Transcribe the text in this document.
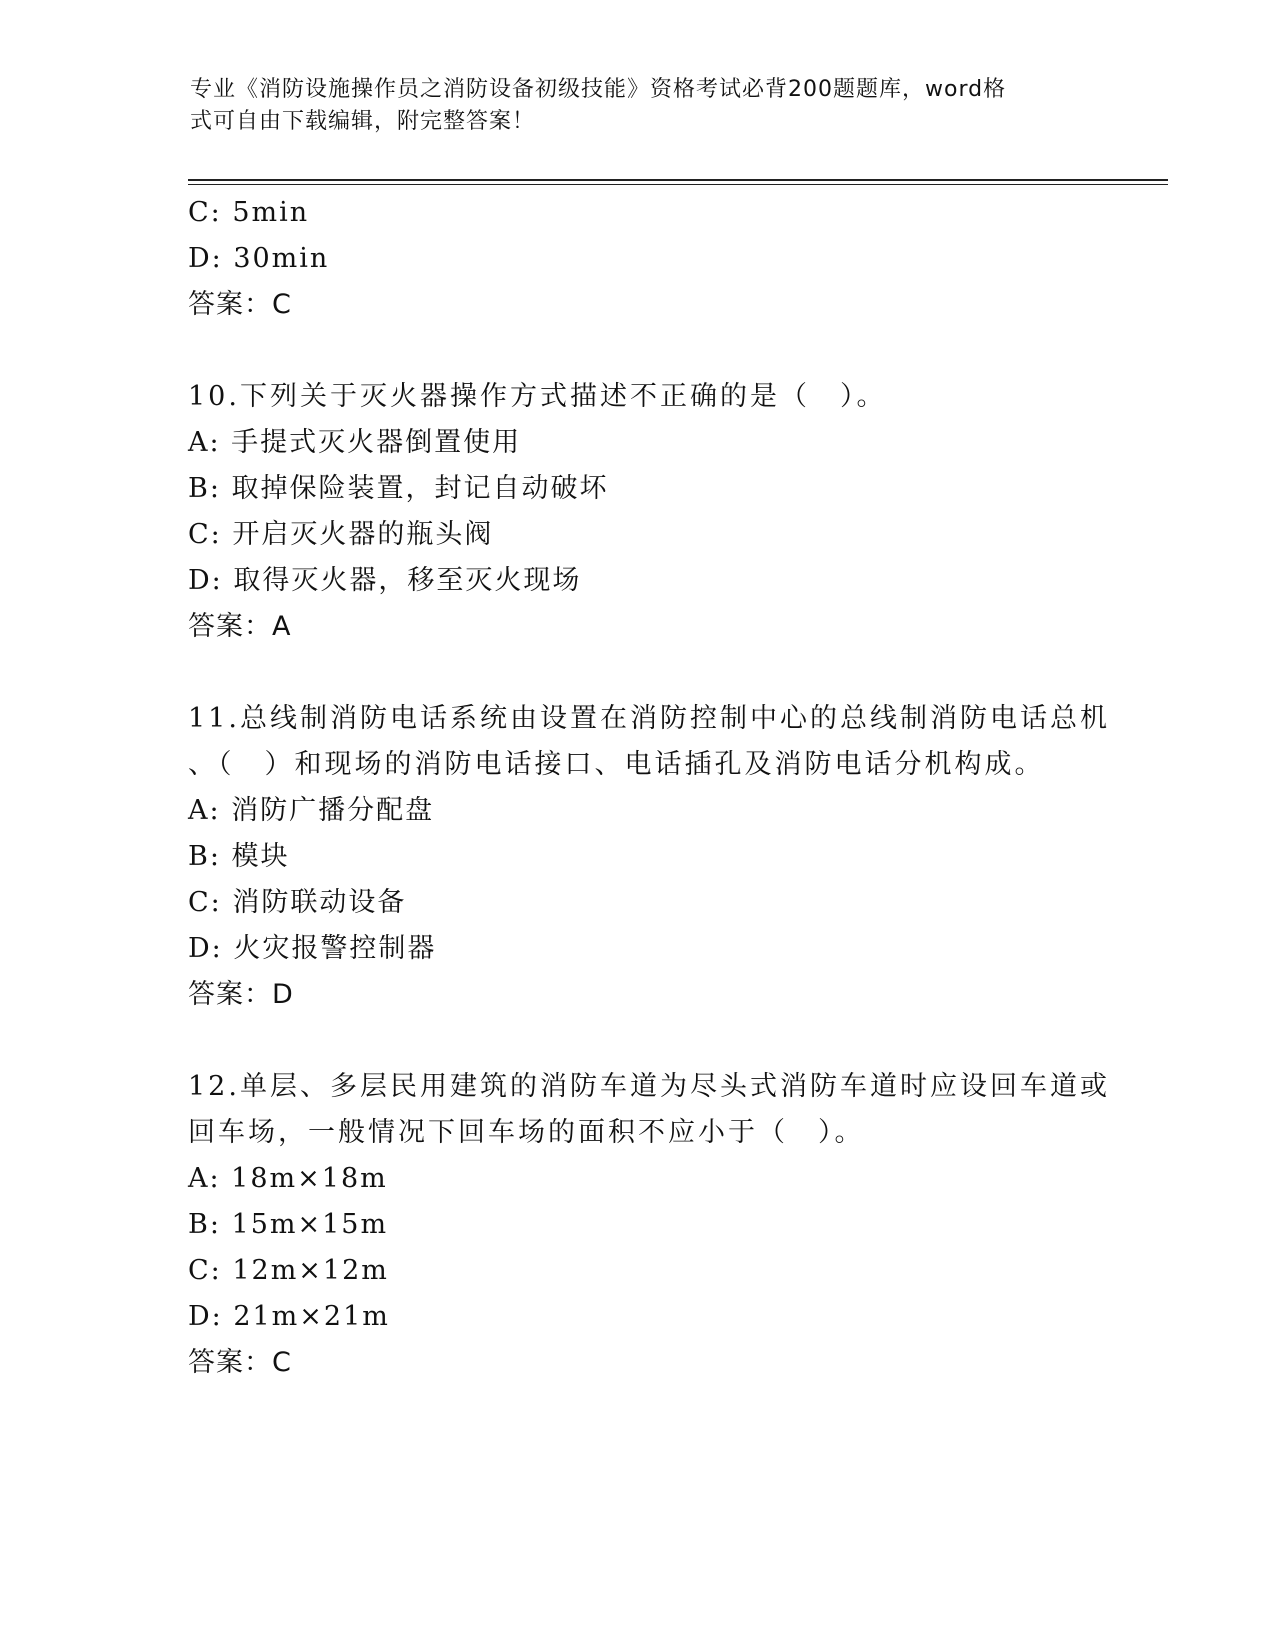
专业《消防设施操作员之消防设备初级技能》资格考试必背200题题库，word格
式可自由下载编辑，附完整答案！
C: 5min
D: 30min
答案：C
10.下列关于灭火器操作方式描述不正确的是（　）。
A: 手提式灭火器倒置使用
B: 取掉保险装置，封记自动破坏
C: 开启灭火器的瓶头阀
D: 取得灭火器，移至灭火现场
答案：A
11.总线制消防电话系统由设置在消防控制中心的总线制消防电话总机
、（　）和现场的消防电话接口、电话插孔及消防电话分机构成。
A: 消防广播分配盘
B: 模块
C: 消防联动设备
D: 火灾报警控制器
答案：D
12.单层、多层民用建筑的消防车道为尽头式消防车道时应设回车道或
回车场，一般情况下回车场的面积不应小于（　）。
A: 18m×18m
B: 15m×15m
C: 12m×12m
D: 21m×21m
答案：C
